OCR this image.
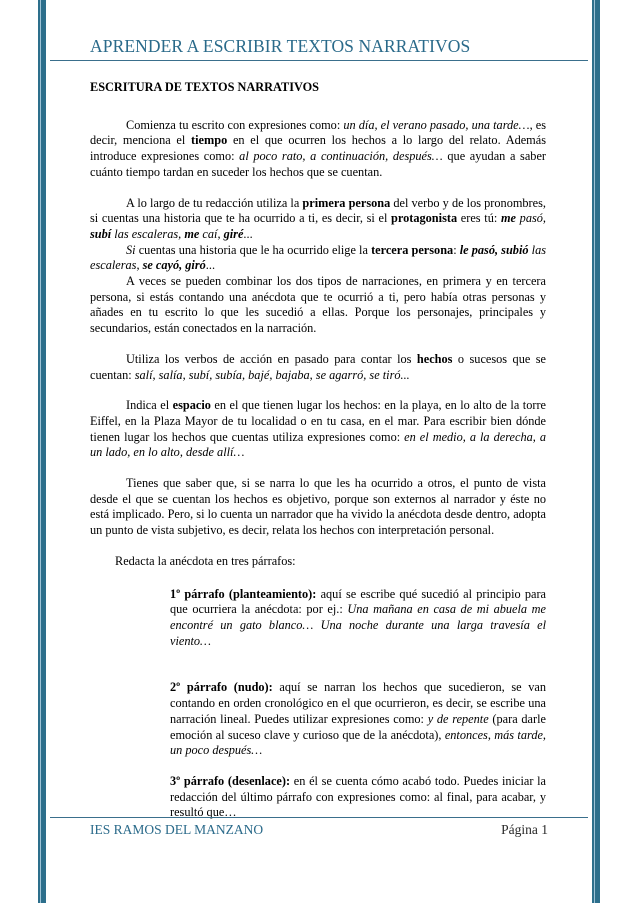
APRENDER A ESCRIBIR TEXTOS NARRATIVOS

ESCRITURA DE TEXTOS NARRATIVOS

Comienza tu escrito con expresiones como: un día, el verano pasado, una tarde…, es decir, menciona el tiempo en el que ocurren los hechos a lo largo del relato. Además introduce expresiones como: al poco rato, a continuación, después… que ayudan a saber cuánto tiempo tardan en suceder los hechos que se cuentan.

A lo largo de tu redacción utiliza la primera persona del verbo y de los pronombres, si cuentas una historia que te ha ocurrido a ti, es decir, si el protagonista eres tú: me pasó, subí las escaleras, me caí, giré...

Si cuentas una historia que le ha ocurrido elige la tercera persona: le pasó, subió las escaleras, se cayó, giró...

A veces se pueden combinar los dos tipos de narraciones, en primera y en tercera persona, si estás contando una anécdota que te ocurrió a ti, pero había otras personas y añades en tu escrito lo que les sucedió a ellas. Porque los personajes, principales y secundarios, están conectados en la narración.

Utiliza los verbos de acción en pasado para contar los hechos o sucesos que se cuentan: salí, salía, subí, subía, bajé, bajaba, se agarró, se tiró...

Indica el espacio en el que tienen lugar los hechos: en la playa, en lo alto de la torre Eiffel, en la Plaza Mayor de tu localidad o en tu casa, en el mar. Para escribir bien dónde tienen lugar los hechos que cuentas utiliza expresiones como: en el medio, a la derecha, a un lado, en lo alto, desde allí…

Tienes que saber que, si se narra lo que les ha ocurrido a otros, el punto de vista desde el que se cuentan los hechos es objetivo, porque son externos al narrador y éste no está implicado. Pero, si lo cuenta un narrador que ha vivido la anécdota desde dentro, adopta un punto de vista subjetivo, es decir, relata los hechos con interpretación personal.

Redacta la anécdota en tres párrafos:

1º párrafo (planteamiento): aquí se escribe qué sucedió al principio para que ocurriera la anécdota: por ej.: Una mañana en casa de mi abuela me encontré un gato blanco… Una noche durante una larga travesía el viento…

2º párrafo (nudo): aquí se narran los hechos que sucedieron, se van contando en orden cronológico en el que ocurrieron, es decir, se escribe una narración lineal. Puedes utilizar expresiones como: y de repente (para darle emoción al suceso clave y curioso que de la anécdota), entonces, más tarde, un poco después…

3º párrafo (desenlace): en él se cuenta cómo acabó todo. Puedes iniciar la redacción del último párrafo con expresiones como: al final, para acabar, y resultó que…

IES RAMOS DEL MANZANO	Página 1
